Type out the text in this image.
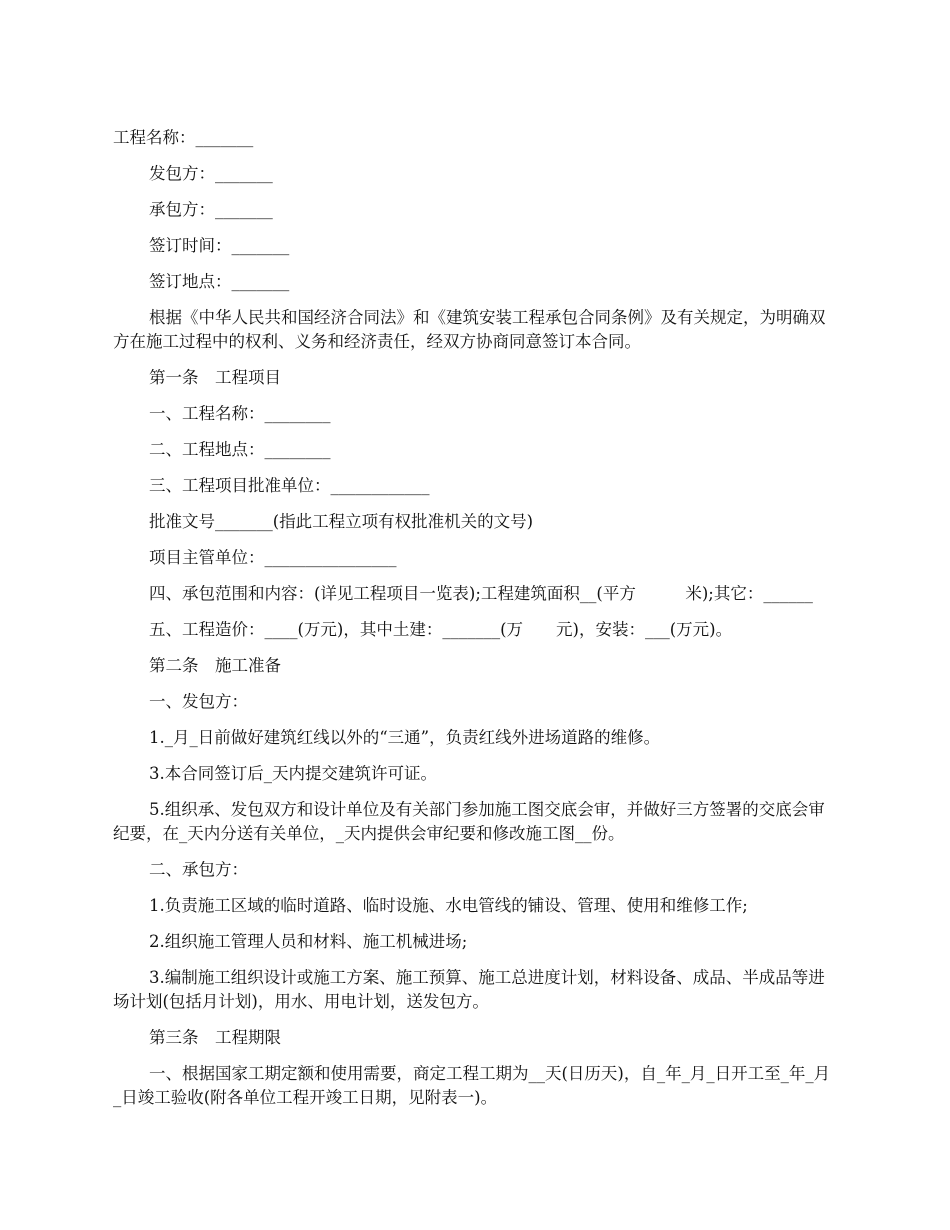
工程名称：_______

发包方：_______

承包方：_______

签订时间：_______

签订地点：_______

根据《中华人民共和国经济合同法》和《建筑安装工程承包合同条例》及有关规定，为明确双方在施工过程中的权利、义务和经济责任，经双方协商同意签订本合同。

第一条　工程项目

一、工程名称：________

二、工程地点：________

三、工程项目批准单位：____________

批准文号_______(指此工程立项有权批准机关的文号)

项目主管单位：________________

四、承包范围和内容：(详见工程项目一览表);工程建筑面积__(平方　　　米);其它：______

五、工程造价：____(万元)，其中土建：_______(万　　元)，安装：___(万元)。

第二条　施工准备

一、发包方：

1._月_日前做好建筑红线以外的“三通”，负责红线外进场道路的维修。

3.本合同签订后_天内提交建筑许可证。

5.组织承、发包双方和设计单位及有关部门参加施工图交底会审，并做好三方签署的交底会审纪要，在_天内分送有关单位，_天内提供会审纪要和修改施工图__份。

二、承包方：

1.负责施工区域的临时道路、临时设施、水电管线的铺设、管理、使用和维修工作;

2.组织施工管理人员和材料、施工机械进场;

3.编制施工组织设计或施工方案、施工预算、施工总进度计划，材料设备、成品、半成品等进场计划(包括月计划)，用水、用电计划，送发包方。

第三条　工程期限

一、根据国家工期定额和使用需要，商定工程工期为__天(日历天)，自_年_月_日开工至_年_月_日竣工验收(附各单位工程开竣工日期，见附表一)。
